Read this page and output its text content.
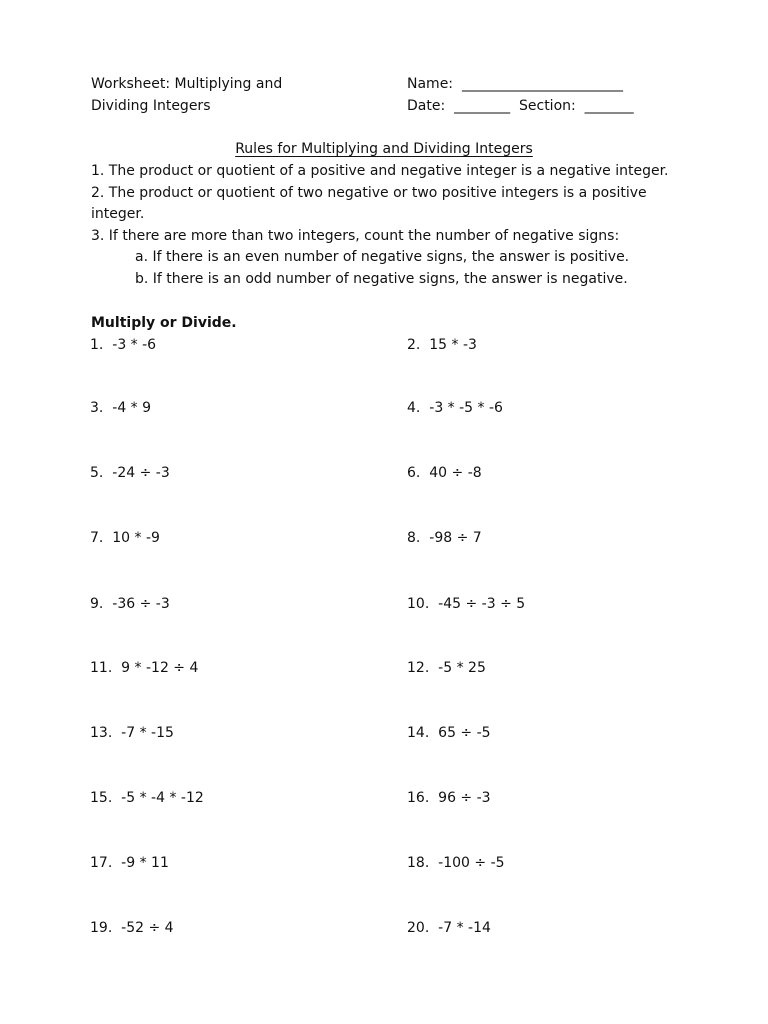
Worksheet: Multiplying and
Dividing Integers
Name: _______________________
Date: ________ Section: _______
Rules for Multiplying and Dividing Integers
1. The product or quotient of a positive and negative integer is a negative integer.
2. The product or quotient of two negative or two positive integers is a positive integer.
3. If there are more than two integers, count the number of negative signs:
a. If there is an even number of negative signs, the answer is positive.
b. If there is an odd number of negative signs, the answer is negative.
Multiply or Divide.
1. -3 * -6	2. 15 * -3
3. -4 * 9	4. -3 * -5 * -6
5. -24 ÷ -3	6. 40 ÷ -8
7. 10 * -9	8. -98 ÷ 7
9. -36 ÷ -3	10. -45 ÷ -3 ÷ 5
11. 9 * -12 ÷ 4	12. -5 * 25
13. -7 * -15	14. 65 ÷ -5
15. -5 * -4 * -12	16. 96 ÷ -3
17. -9 * 11	18. -100 ÷ -5
19. -52 ÷ 4	20. -7 * -14
